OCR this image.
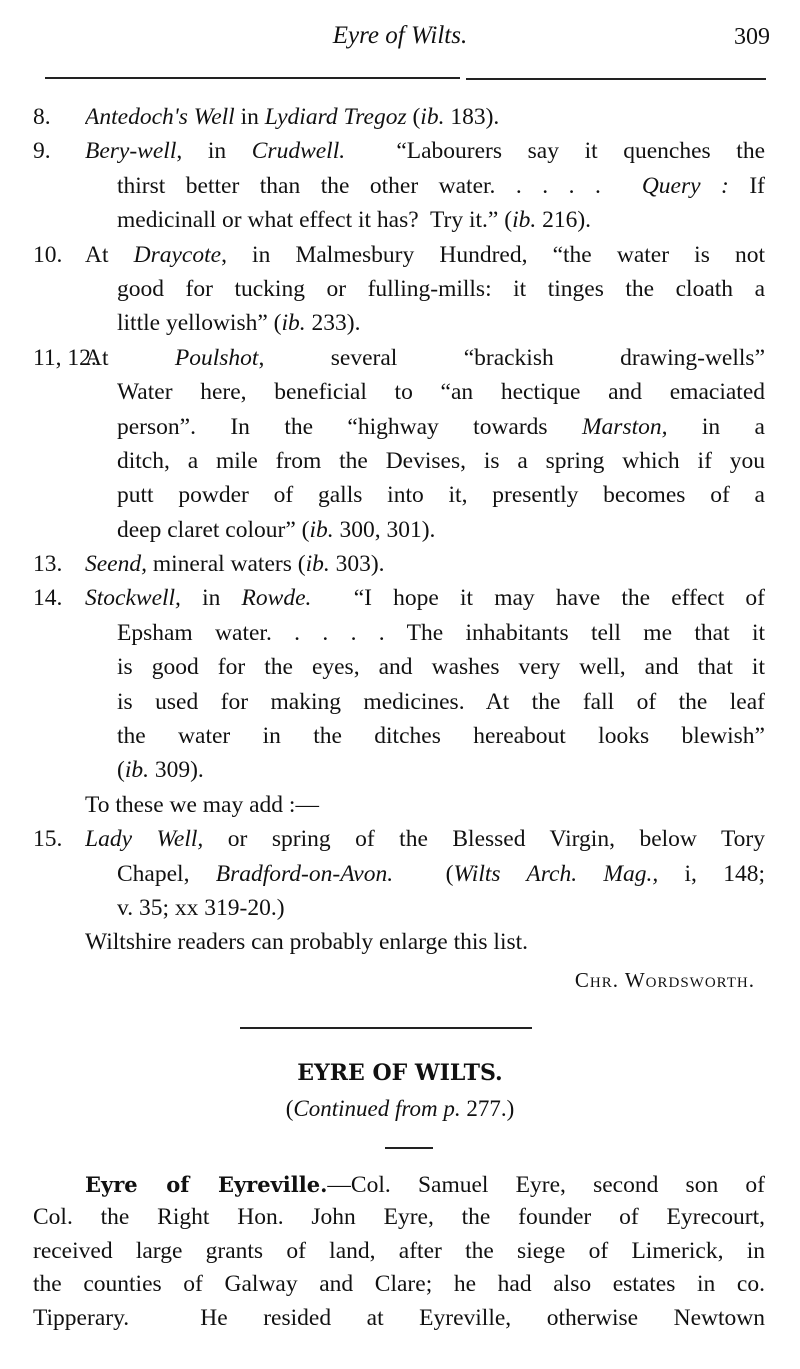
Eyre of Wilts.	309
8. Antedoch's Well in Lydiard Tregoz (ib. 183).
9. Bery-well, in Crudwell.  “Labourers say it quenches the
thirst better than the other water. . . . .  Query : If
medicinall or what effect it has?  Try it.” (ib. 216).
10. At Draycote, in Malmesbury Hundred, “the water is not
good for tucking or fulling-mills: it tinges the cloath a
little yellowish” (ib. 233).
11, 12.
At Poulshot, several “brackish drawing-wells”
Water here, beneficial to “an hectique and emaciated
person”. In the “highway towards Marston, in a
ditch, a mile from the Devises, is a spring which if you
putt powder of galls into it, presently becomes of a
deep claret colour” (ib. 300, 301).
13. Seend, mineral waters (ib. 303).
14. Stockwell, in Rowde.  “I hope it may have the effect of
Epsham water. . . . . The inhabitants tell me that it
is good for the eyes, and washes very well, and that it
is used for making medicines. At the fall of the leaf
the water in the ditches hereabout looks blewish”
(ib. 309).
To these we may add :—
15. Lady Well, or spring of the Blessed Virgin, below Tory
Chapel, Bradford-on-Avon.  (Wilts Arch. Mag., i, 148;
v. 35; xx 319-20.)
Wiltshire readers can probably enlarge this list.
Chr. Wordsworth.
EYRE OF WILTS.
(Continued from p. 277.)
Eyre of Eyreville.—Col. Samuel Eyre, second son of
Col. the Right Hon. John Eyre, the founder of Eyrecourt,
received large grants of land, after the siege of Limerick, in
the counties of Galway and Clare; he had also estates in co.
Tipperary.  He resided at Eyreville, otherwise Newtown
